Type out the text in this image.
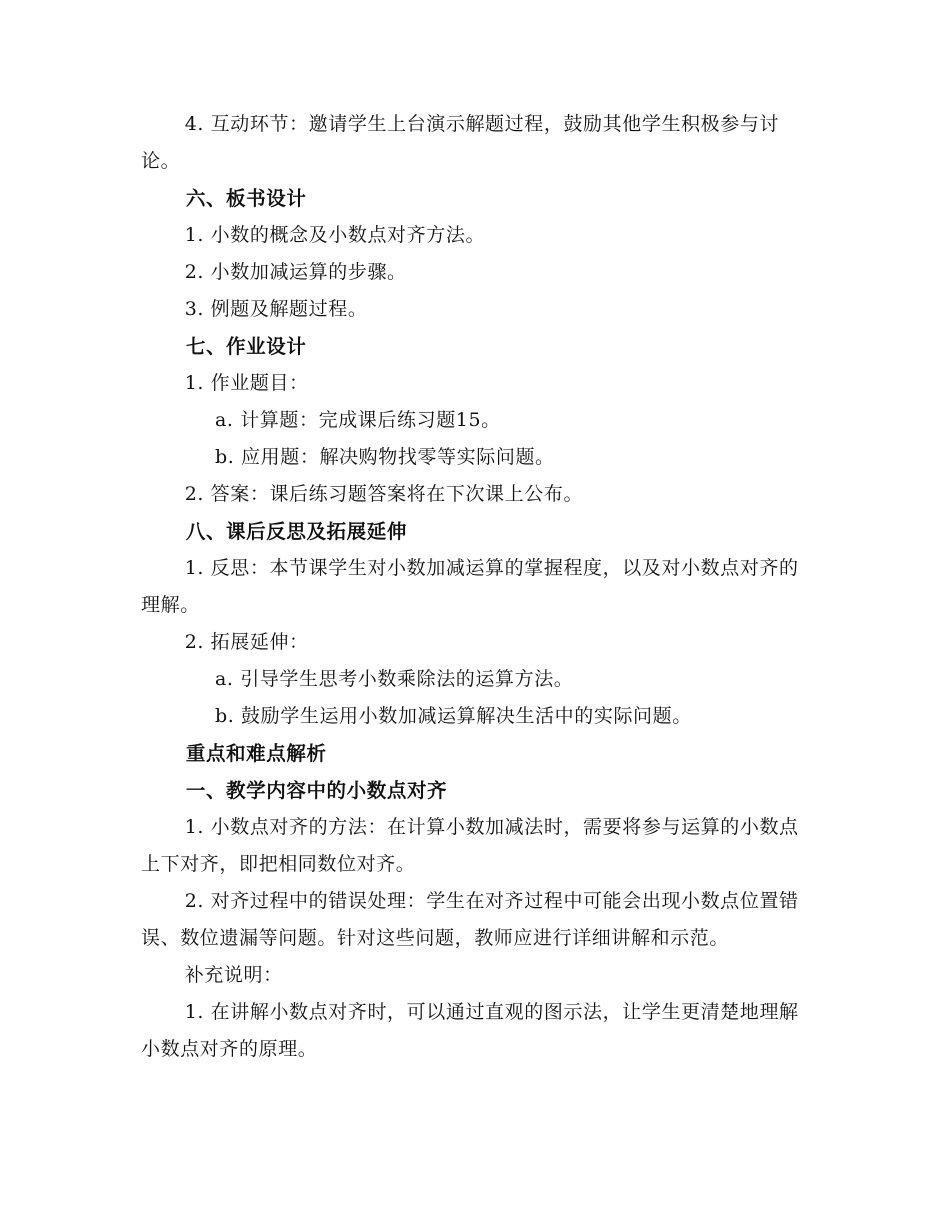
4. 互动环节：邀请学生上台演示解题过程，鼓励其他学生积极参与讨论。

六、板书设计

1. 小数的概念及小数点对齐方法。

2. 小数加减运算的步骤。

3. 例题及解题过程。

七、作业设计

1. 作业题目：

a. 计算题：完成课后练习题15。

b. 应用题：解决购物找零等实际问题。

2. 答案：课后练习题答案将在下次课上公布。

八、课后反思及拓展延伸

1. 反思：本节课学生对小数加减运算的掌握程度，以及对小数点对齐的理解。

2. 拓展延伸：

a. 引导学生思考小数乘除法的运算方法。

b. 鼓励学生运用小数加减运算解决生活中的实际问题。

重点和难点解析

一、教学内容中的小数点对齐

1. 小数点对齐的方法：在计算小数加减法时，需要将参与运算的小数点上下对齐，即把相同数位对齐。

2. 对齐过程中的错误处理：学生在对齐过程中可能会出现小数点位置错误、数位遗漏等问题。针对这些问题，教师应进行详细讲解和示范。

补充说明：

1. 在讲解小数点对齐时，可以通过直观的图示法，让学生更清楚地理解小数点对齐的原理。
